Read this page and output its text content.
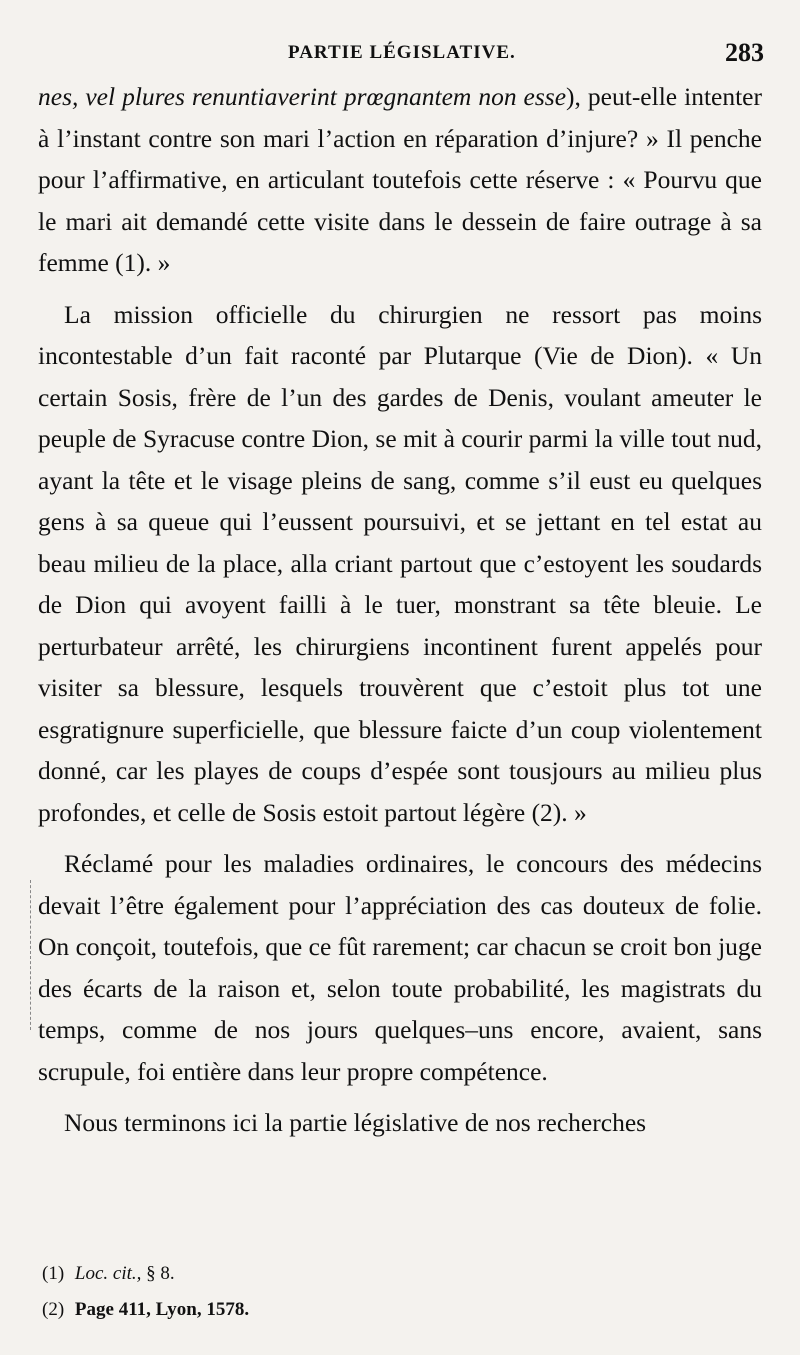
PARTIE LÉGISLATIVE.	283

nes, vel plures renuntiaverint prœgnantem non esse), peut-elle intenter à l’instant contre son mari l’action en réparation d’injure? » Il penche pour l’affirmative, en articulant toutefois cette réserve : « Pourvu que le mari ait demandé cette visite dans le dessein de faire outrage à sa femme (1). »

La mission officielle du chirurgien ne ressort pas moins incontestable d’un fait raconté par Plutarque (Vie de Dion). « Un certain Sosis, frère de l’un des gardes de Denis, voulant ameuter le peuple de Syracuse contre Dion, se mit à courir parmi la ville tout nud, ayant la tête et le visage pleins de sang, comme s’il eust eu quelques gens à sa queue qui l’eussent poursuivi, et se jettant en tel estat au beau milieu de la place, alla criant partout que c’estoyent les soudards de Dion qui avoyent failli à le tuer, monstrant sa tête bleuie. Le perturbateur arrêté, les chirurgiens incontinent furent appelés pour visiter sa blessure, lesquels trouvèrent que c’estoit plus tot une esgratignure superficielle, que blessure faicte d’un coup violentement donné, car les playes de coups d’espée sont tousjours au milieu plus profondes, et celle de Sosis estoit partout légère (2). »

Réclamé pour les maladies ordinaires, le concours des médecins devait l’être également pour l’appréciation des cas douteux de folie. On conçoit, toutefois, que ce fût rarement; car chacun se croit bon juge des écarts de la raison et, selon toute probabilité, les magistrats du temps, comme de nos jours quelques–uns encore, avaient, sans scrupule, foi entière dans leur propre compétence.

Nous terminons ici la partie législative de nos recherches

(1) Loc. cit., § 8.
(2) Page 411, Lyon, 1578.
